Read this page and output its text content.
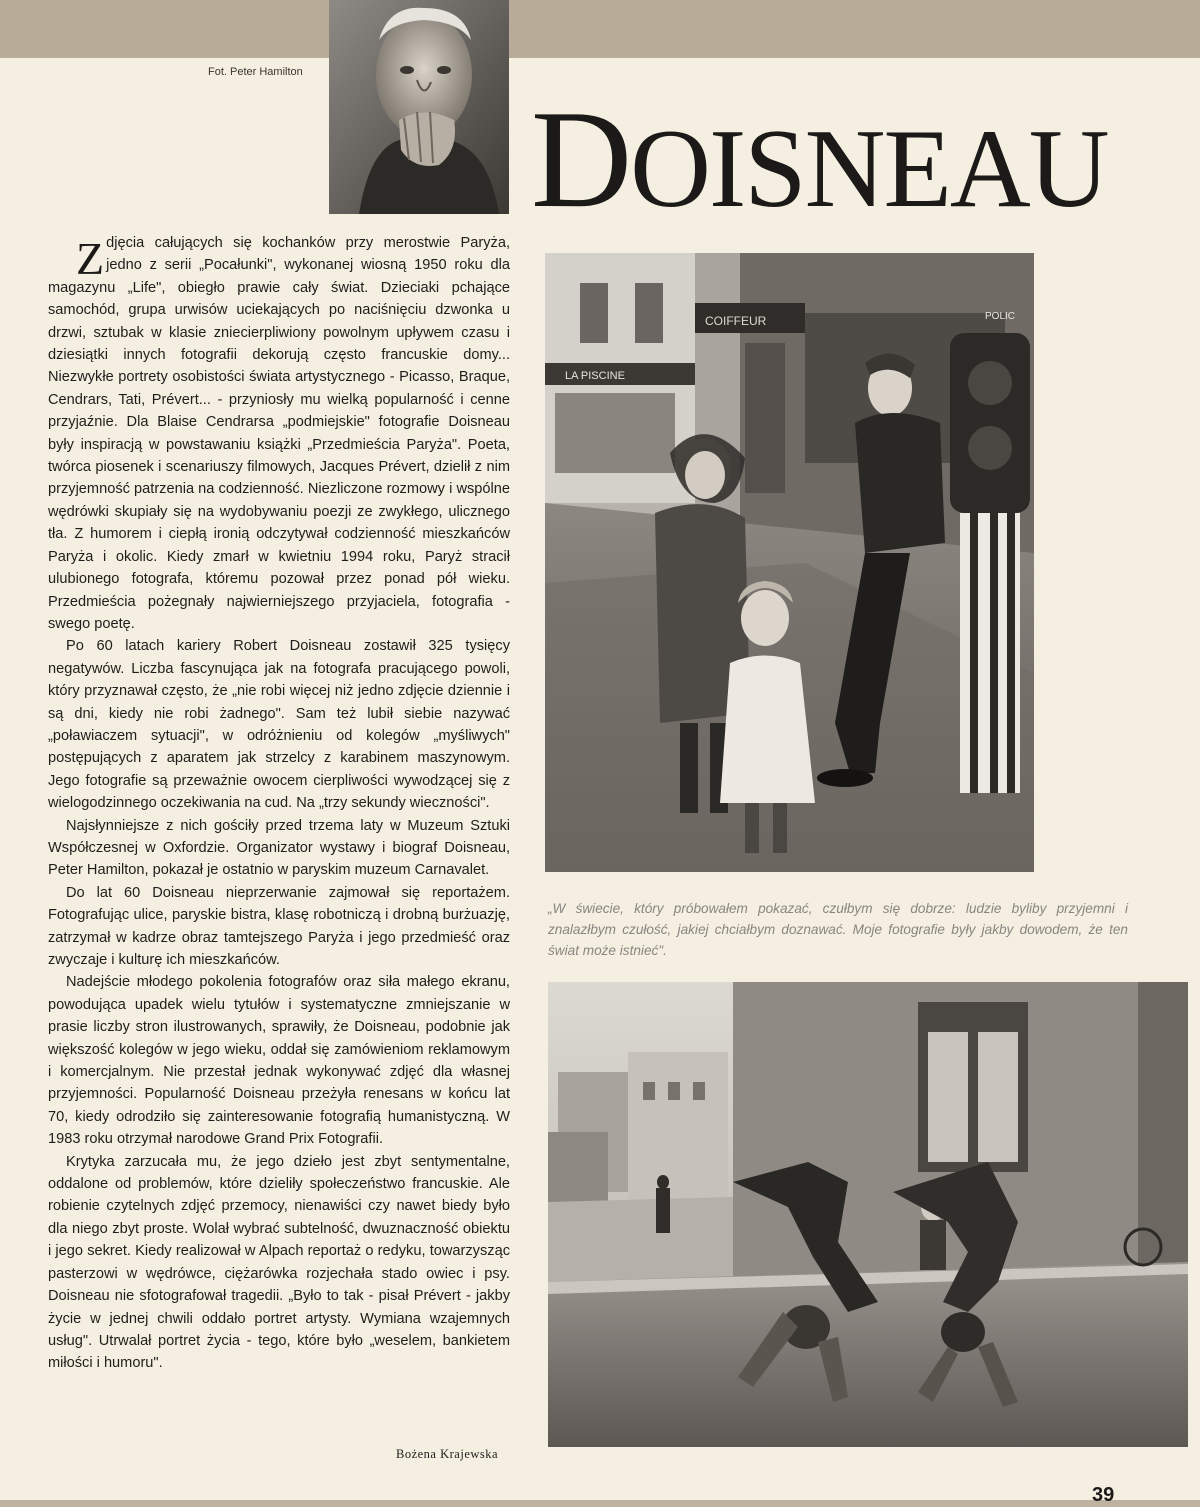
Fot. Peter Hamilton
DOISNEAU

Zdjęcia całujących się kochanków przy merostwie Paryża, jedno z serii „Pocałunki", wykonanej wiosną 1950 roku dla magazynu „Life", obiegło prawie cały świat. Dzieciaki pchające samochód, grupa urwisów uciekających po naciśnięciu dzwonka u drzwi, sztubak w klasie zniecierpliwiony powolnym upływem czasu i dziesiątki innych fotografii dekorują często francuskie domy... Niezwykłe portrety osobistości świata artystycznego - Picasso, Braque, Cendrars, Tati, Prévert... - przyniosły mu wielką popularność i cenne przyjaźnie. Dla Blaise Cendrarsa „podmiejskie" fotografie Doisneau były inspiracją w powstawaniu książki „Przedmieścia Paryża". Poeta, twórca piosenek i scenariuszy filmowych, Jacques Prévert, dzielił z nim przyjemność patrzenia na codzienność. Niezliczone rozmowy i wspólne wędrówki skupiały się na wydobywaniu poezji ze zwykłego, ulicznego tła. Z humorem i ciepłą ironią odczytywał codzienność mieszkańców Paryża i okolic. Kiedy zmarł w kwietniu 1994 roku, Paryż stracił ulubionego fotografa, któremu pozował przez ponad pół wieku. Przedmieścia pożegnały najwierniejszego przyjaciela, fotografia - swego poetę.

Po 60 latach kariery Robert Doisneau zostawił 325 tysięcy negatywów. Liczba fascynująca jak na fotografa pracującego powoli, który przyznawał często, że „nie robi więcej niż jedno zdjęcie dziennie i są dni, kiedy nie robi żadnego". Sam też lubił siebie nazywać „poławiaczem sytuacji", w odróżnieniu od kolegów „myśliwych" postępujących z aparatem jak strzelcy z karabinem maszynowym. Jego fotografie są przeważnie owocem cierpliwości wywodzącej się z wielogodzinnego oczekiwania na cud. Na „trzy sekundy wieczności".

Najsłynniejsze z nich gościły przed trzema laty w Muzeum Sztuki Współczesnej w Oxfordzie. Organizator wystawy i biograf Doisneau, Peter Hamilton, pokazał je ostatnio w paryskim muzeum Carnavalet.

Do lat 60 Doisneau nieprzerwanie zajmował się reportażem. Fotografując ulice, paryskie bistra, klasę robotniczą i drobną burżuazję, zatrzymał w kadrze obraz tamtejszego Paryża i jego przedmieść oraz zwyczaje i kulturę ich mieszkańców.

Nadejście młodego pokolenia fotografów oraz siła małego ekranu, powodująca upadek wielu tytułów i systematyczne zmniejszanie w prasie liczby stron ilustrowanych, sprawiły, że Doisneau, podobnie jak większość kolegów w jego wieku, oddał się zamówieniom reklamowym i komercjalnym. Nie przestał jednak wykonywać zdjęć dla własnej przyjemności. Popularność Doisneau przeżyła renesans w końcu lat 70, kiedy odrodziło się zainteresowanie fotografią humanistyczną. W 1983 roku otrzymał narodowe Grand Prix Fotografii.

Krytyka zarzucała mu, że jego dzieło jest zbyt sentymentalne, oddalone od problemów, które dzieliły społeczeństwo francuskie. Ale robienie czytelnych zdjęć przemocy, nienawiści czy nawet biedy było dla niego zbyt proste. Wolał wybrać subtelność, dwuznaczność obiektu i jego sekret. Kiedy realizował w Alpach reportaż o redyku, towarzysząc pasterzowi w wędrówce, ciężarówka rozjechała stado owiec i psy. Doisneau nie sfotografował tragedii. „Było to tak - pisał Prévert - jakby życie w jednej chwili oddało portret artysty. Wymiana wzajemnych usług". Utrwalał portret życia - tego, które było „weselem, bankietem miłości i humoru".

Bożena Krajewska
LA PISCINE
COIFFEUR	POLIC
„W świecie, który próbowałem pokazać, czułbym się dobrze: ludzie byliby przyjemni i znalazłbym czułość, jakiej chciałbym doznawać. Moje fotografie były jakby dowodem, że ten świat może istnieć".
39
